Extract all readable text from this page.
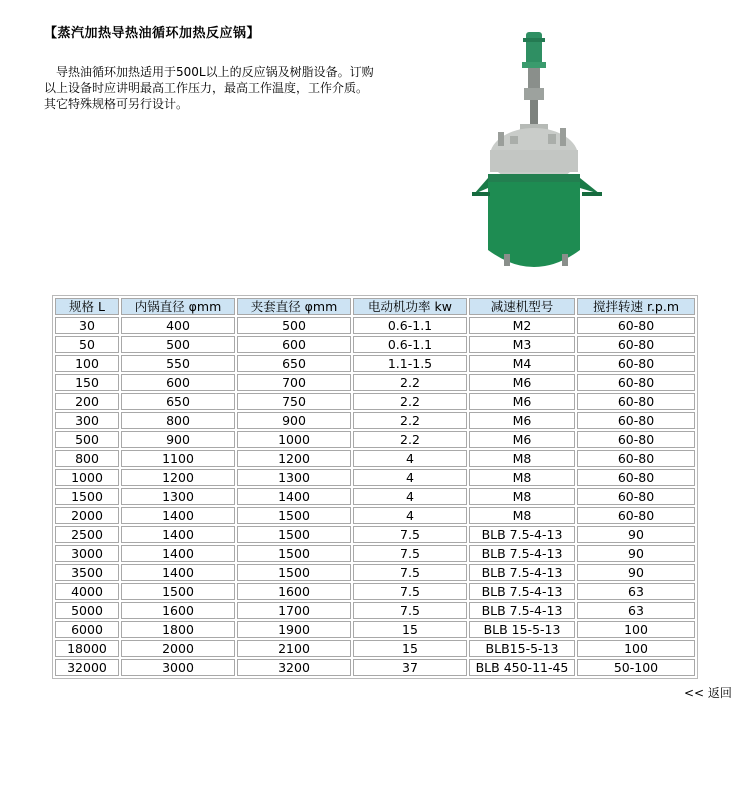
【蒸汽加热导热油循环加热反应锅】
导热油循环加热适用于500L以上的反应锅及树脂设备。订购以上设备时应讲明最高工作压力，最高工作温度，工作介质。其它特殊规格可另行设计。
规格 L	内锅直径 φmm	夹套直径 φmm	电动机功率 kw	减速机型号	搅拌转速 r.p.m
30	400	500	0.6-1.1	M2	60-80
50	500	600	0.6-1.1	M3	60-80
100	550	650	1.1-1.5	M4	60-80
150	600	700	2.2	M6	60-80
200	650	750	2.2	M6	60-80
300	800	900	2.2	M6	60-80
500	900	1000	2.2	M6	60-80
800	1100	1200	4	M8	60-80
1000	1200	1300	4	M8	60-80
1500	1300	1400	4	M8	60-80
2000	1400	1500	4	M8	60-80
2500	1400	1500	7.5	BLB 7.5-4-13	90
3000	1400	1500	7.5	BLB 7.5-4-13	90
3500	1400	1500	7.5	BLB 7.5-4-13	90
4000	1500	1600	7.5	BLB 7.5-4-13	63
5000	1600	1700	7.5	BLB 7.5-4-13	63
6000	1800	1900	15	BLB 15-5-13	100
18000	2000	2100	15	BLB15-5-13	100
32000	3000	3200	37	BLB 450-11-45	50-100
<< 返回
